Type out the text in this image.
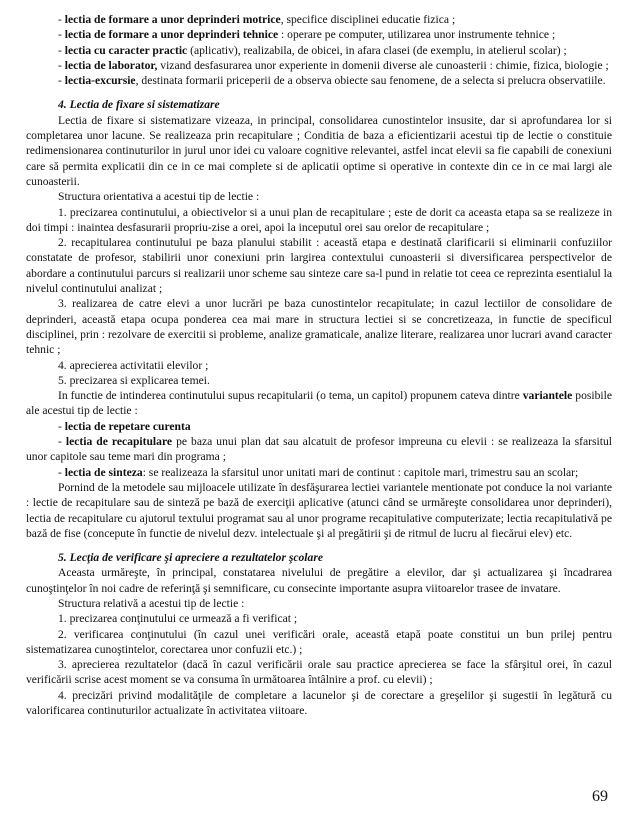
- lectia de formare a unor deprinderi motrice, specifice disciplinei educatie fizica ;

- lectia de formare a unor deprinderi tehnice : operare pe computer, utilizarea unor instrumente tehnice ;

- lectia cu caracter practic (aplicativ), realizabila, de obicei, in afara clasei (de exemplu, in atelierul scolar) ;

- lectia de laborator, vizand desfasurarea unor experiente in domenii diverse ale cunoasterii : chimie, fizica, biologie ;

- lectia-excursie, destinata formarii priceperii de a observa obiecte sau fenomene, de a selecta si prelucra observatiile.

4. Lectia de fixare si sistematizare

Lectia de fixare si sistematizare vizeaza, in principal, consolidarea cunostintelor insusite, dar si aprofundarea lor si completarea unor lacune. Se realizeaza prin recapitulare ; Conditia de baza a eficientizarii acestui tip de lectie o constituie redimensionarea continuturilor in jurul unor idei cu valoare cognitive relevantei, astfel incat elevii sa fie capabili de conexiuni care să permita explicatii din ce in ce mai complete si de aplicatii optime si operative in contexte din ce in ce mai largi ale cunoasterii.

Structura orientativa a acestui tip de lectie :

1. precizarea continutului, a obiectivelor si a unui plan de recapitulare ; este de dorit ca aceasta etapa sa se realizeze in doi timpi : inaintea desfasurarii propriu-zise a orei, apoi la inceputul orei sau orelor de recapitulare ;

2. recapitularea continutului pe baza planului stabilit : această etapa e destinată clarificarii si eliminarii confuziilor constatate de profesor, stabilirii unor conexiuni prin largirea contextului cunoasterii si diversificarea perspectivelor de abordare a continutului parcurs si realizarii unor scheme sau sinteze care sa-l pund in relatie tot ceea ce reprezinta esentialul la nivelul continutului analizat ;

3. realizarea de catre elevi a unor lucrări pe baza cunostintelor recapitulate; in cazul lectiilor de consolidare de deprinderi, această etapa ocupa ponderea cea mai mare in structura lectiei si se concretizeaza, in functie de specificul disciplinei, prin : rezolvare de exercitii si probleme, analize gramaticale, analize literare, realizarea unor lucrari avand caracter tehnic ;

4. aprecierea activitatii elevilor ;

5. precizarea si explicarea temei.

In functie de intinderea continutului supus recapitularii (o tema, un capitol) propunem cateva dintre variantele posibile ale acestui tip de lectie :

- lectia de repetare curenta

- lectia de recapitulare pe baza unui plan dat sau alcatuit de profesor impreuna cu elevii : se realizeaza la sfarsitul unor capitole sau teme mari din programa ;

- lectia de sinteza: se realizeaza la sfarsitul unor unitati mari de continut : capitole mari, trimestru sau an scolar;

Pornind de la metodele sau mijloacele utilizate în desfăşurarea lectiei variantele mentionate pot conduce la noi variante : lectie de recapitulare sau de sinteză pe bază de exerciţii aplicative (atunci când se urmăreşte consolidarea unor deprinderi), lectia de recapitulare cu ajutorul textului programat sau al unor programe recapitulative computerizate; lectia recapitulativă pe bază de fise (concepute în functie de nivelul dezv. intelectuale şi al pregătirii şi de ritmul de lucru al fiecărui elev) etc.

5. Lecţia de verificare şi apreciere a rezultatelor şcolare

Aceasta urmăreşte, în principal, constatarea nivelului de pregătire a elevilor, dar şi actualizarea şi încadrarea cunoştinţelor în noi cadre de referinţă şi semnificare, cu consecinte importante asupra viitoarelor trasee de invatare.

Structura relativă a acestui tip de lectie :

1. precizarea conţinutului ce urmează a fi verificat ;

2. verificarea conţinutului (în cazul unei verificări orale, această etapă poate constitui un bun prilej pentru sistematizarea cunoştintelor, corectarea unor confuzii etc.) ;

3. aprecierea rezultatelor (dacă în cazul verificării orale sau practice aprecierea se face la sfârşitul orei, în cazul verificării scrise acest moment se va consuma în următoarea întâlnire a prof. cu elevii) ;

4. precizări privind modalităţile de completare a lacunelor şi de corectare a greşelilor şi sugestii în legătură cu valorificarea continuturilor actualizate în activitatea viitoare.

69
